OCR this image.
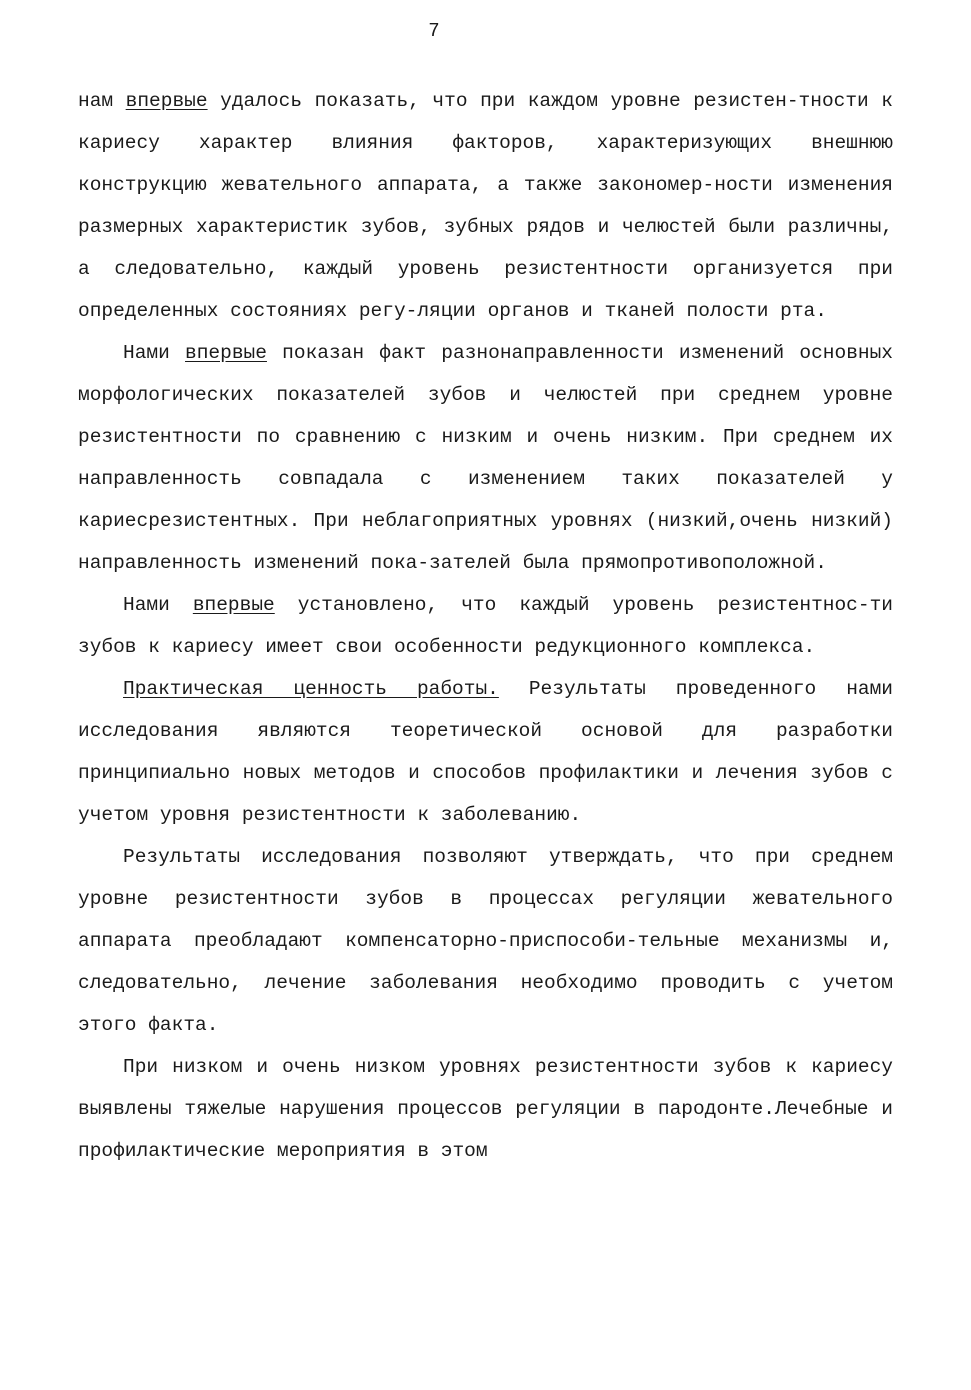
7

нам впервые удалось показать, что при каждом уровне резистен-тности к кариесу характер влияния факторов, характеризующих внешнюю конструкцию жевательного аппарата, а также закономер-ности изменения размерных характеристик зубов, зубных рядов и челюстей были различны, а следовательно, каждый уровень резистентности организуется при определенных состояниях регу-ляции органов и тканей полости рта.

Нами впервые показан факт разнонаправленности изменений основных морфологических показателей зубов и челюстей при среднем уровне резистентности по сравнению с низким и очень низким. При среднем их направленность совпадала с изменением таких показателей у кариесрезистентных. При неблагоприятных уровнях (низкий,очень низкий) направленность изменений пока-зателей была прямопротивоположной.

Нами впервые установлено, что каждый уровень резистентнос-ти зубов к кариесу имеет свои особенности редукционного комплекса.

Практическая ценность работы. Результаты проведенного нами исследования являются теоретической основой для разработки принципиально новых методов и способов профилактики и лечения зубов с учетом уровня резистентности к заболеванию.

Результаты исследования позволяют утверждать, что при среднем уровне резистентности зубов в процессах регуляции жевательного аппарата преобладают компенсаторно-приспособи-тельные механизмы и, следовательно, лечение заболевания необходимо проводить с учетом этого факта.

При низком и очень низком уровнях резистентности зубов к кариесу выявлены тяжелые нарушения процессов регуляции в пародонте.Лечебные и профилактические мероприятия в этом
